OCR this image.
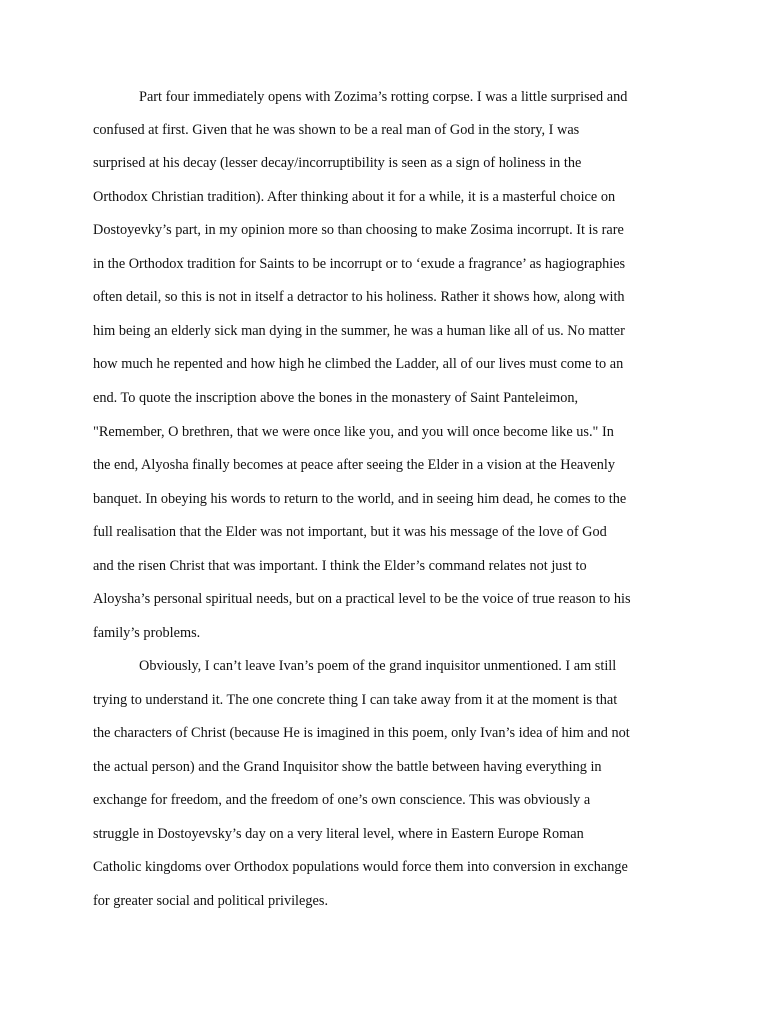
Part four immediately opens with Zozima’s rotting corpse. I was a little surprised and
confused at first. Given that he was shown to be a real man of God in the story, I was
surprised at his decay (lesser decay/incorruptibility is seen as a sign of holiness in the
Orthodox Christian tradition). After thinking about it for a while, it is a masterful choice on
Dostoyevky’s part, in my opinion more so than choosing to make Zosima incorrupt. It is rare
in the Orthodox tradition for Saints to be incorrupt or to ‘exude a fragrance’ as hagiographies
often detail, so this is not in itself a detractor to his holiness. Rather it shows how, along with
him being an elderly sick man dying in the summer, he was a human like all of us. No matter
how much he repented and how high he climbed the Ladder, all of our lives must come to an
end. To quote the inscription above the bones in the monastery of Saint Panteleimon,
"Remember, O brethren, that we were once like you, and you will once become like us." In
the end, Alyosha finally becomes at peace after seeing the Elder in a vision at the Heavenly
banquet. In obeying his words to return to the world, and in seeing him dead, he comes to the
full realisation that the Elder was not important, but it was his message of the love of God
and the risen Christ that was important. I think the Elder’s command relates not just to
Aloysha’s personal spiritual needs, but on a practical level to be the voice of true reason to his
family’s problems.
Obviously, I can’t leave Ivan’s poem of the grand inquisitor unmentioned. I am still
trying to understand it. The one concrete thing I can take away from it at the moment is that
the characters of Christ (because He is imagined in this poem, only Ivan’s idea of him and not
the actual person) and the Grand Inquisitor show the battle between having everything in
exchange for freedom, and the freedom of one’s own conscience. This was obviously a
struggle in Dostoyevsky’s day on a very literal level, where in Eastern Europe Roman
Catholic kingdoms over Orthodox populations would force them into conversion in exchange
for greater social and political privileges.
